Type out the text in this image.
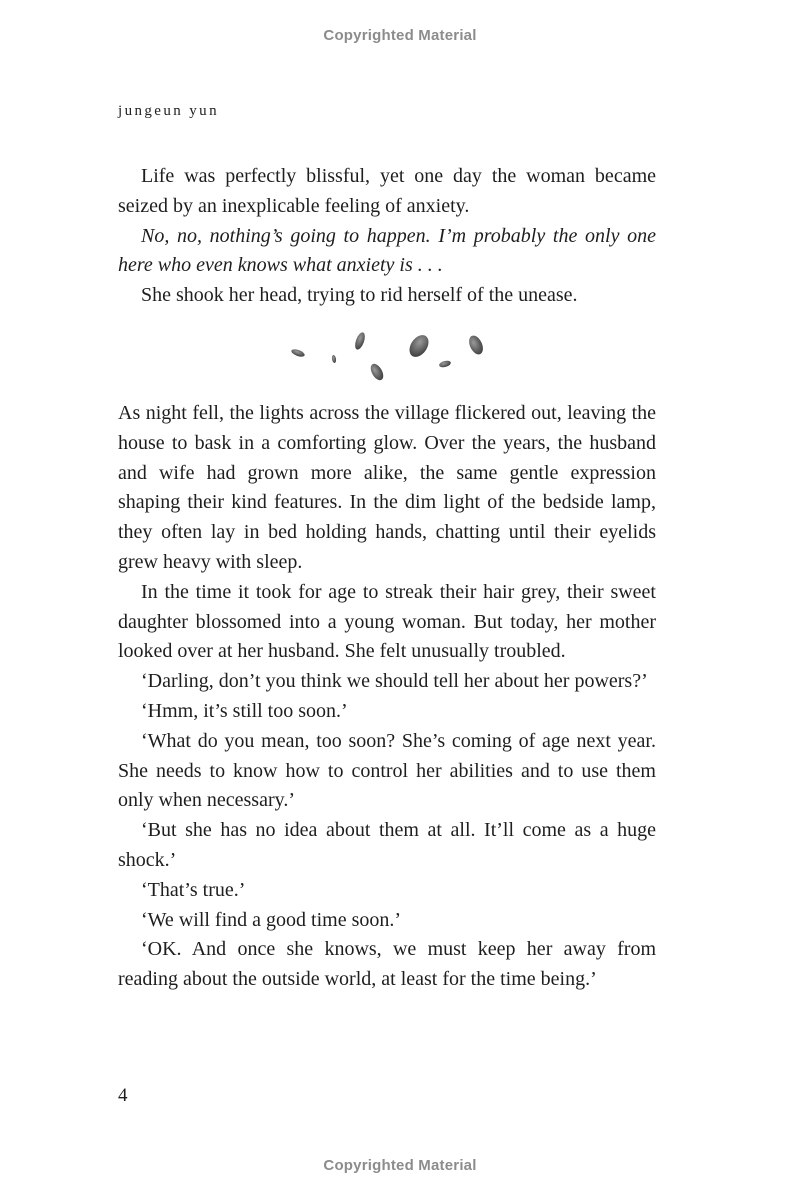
Copyrighted Material
jungeun yun

Life was perfectly blissful, yet one day the woman became seized by an inexplicable feeling of anxiety.

No, no, nothing’s going to happen. I’m probably the only one here who even knows what anxiety is . . .

She shook her head, trying to rid herself of the unease.

As night fell, the lights across the village flickered out, leaving the house to bask in a comforting glow. Over the years, the husband and wife had grown more alike, the same gentle expression shaping their kind features. In the dim light of the bedside lamp, they often lay in bed holding hands, chatting until their eyelids grew heavy with sleep.

In the time it took for age to streak their hair grey, their sweet daughter blossomed into a young woman. But today, her mother looked over at her husband. She felt unusually troubled.

‘Darling, don’t you think we should tell her about her powers?’

‘Hmm, it’s still too soon.’

‘What do you mean, too soon? She’s coming of age next year. She needs to know how to control her abilities and to use them only when necessary.’

‘But she has no idea about them at all. It’ll come as a huge shock.’

‘That’s true.’

‘We will find a good time soon.’

‘OK. And once she knows, we must keep her away from reading about the outside world, at least for the time being.’

4
Copyrighted Material
